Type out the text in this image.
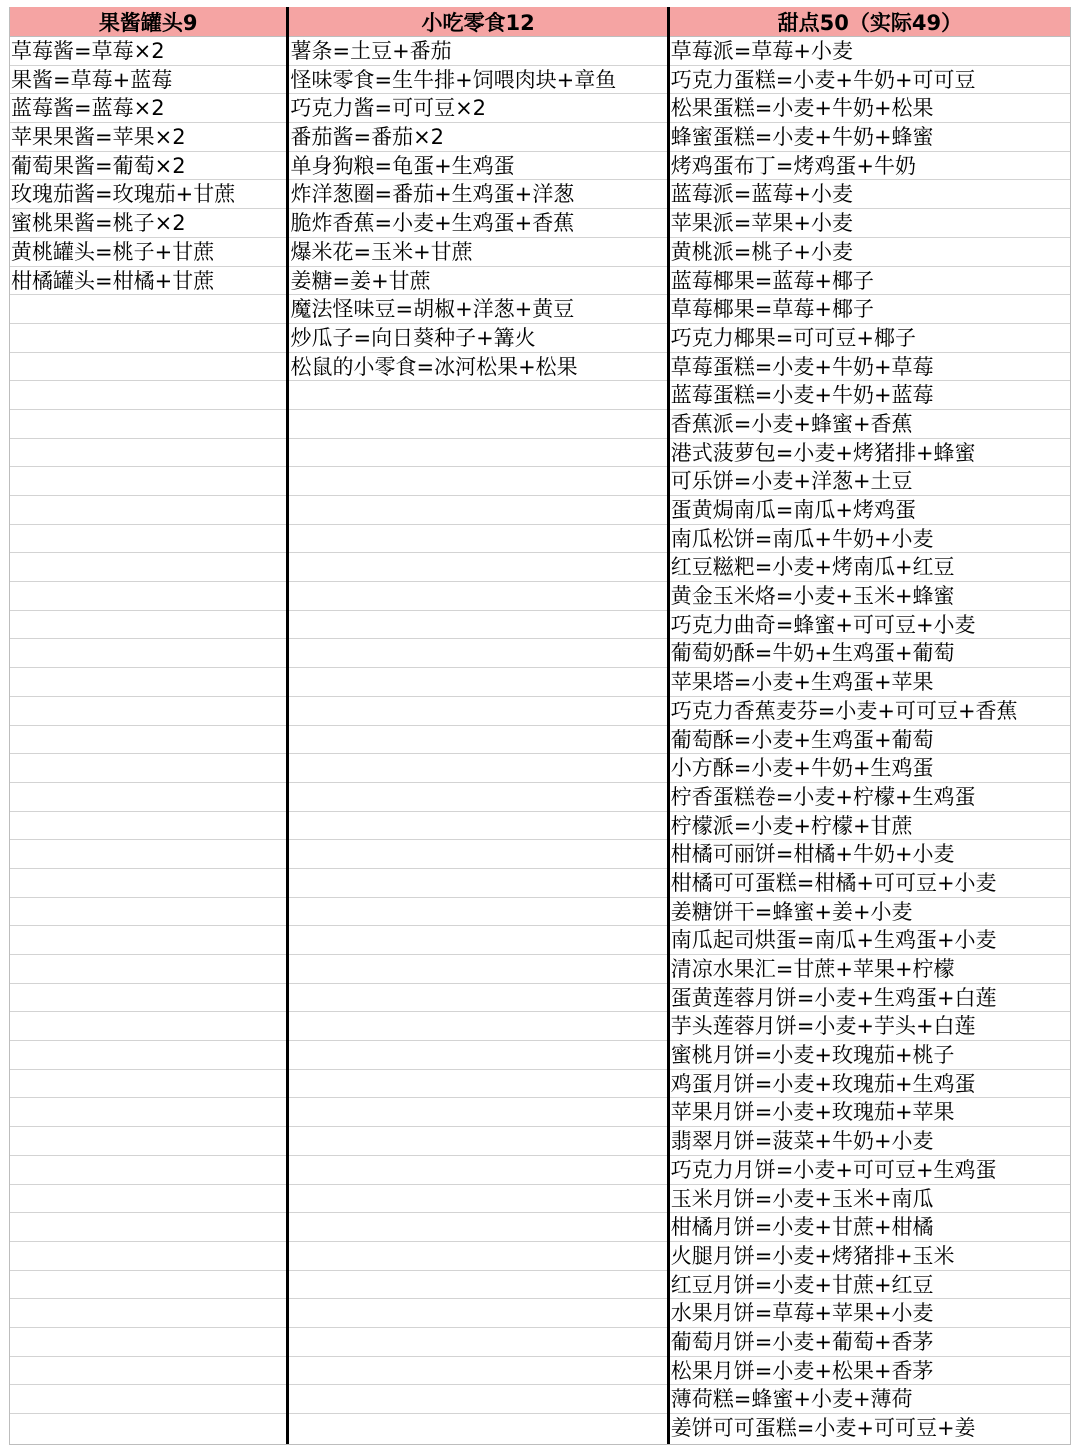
果酱罐头9
草莓酱=草莓×2
果酱=草莓+蓝莓
蓝莓酱=蓝莓×2
苹果果酱=苹果×2
葡萄果酱=葡萄×2
玫瑰茄酱=玫瑰茄+甘蔗
蜜桃果酱=桃子×2
黄桃罐头=桃子+甘蔗
柑橘罐头=柑橘+甘蔗
小吃零食12
薯条=土豆+番茄
怪味零食=生牛排+饲喂肉块+章鱼
巧克力酱=可可豆×2
番茄酱=番茄×2
单身狗粮=龟蛋+生鸡蛋
炸洋葱圈=番茄+生鸡蛋+洋葱
脆炸香蕉=小麦+生鸡蛋+香蕉
爆米花=玉米+甘蔗
姜糖=姜+甘蔗
魔法怪味豆=胡椒+洋葱+黄豆
炒瓜子=向日葵种子+篝火
松鼠的小零食=冰河松果+松果
甜点50（实际49）
草莓派=草莓+小麦
巧克力蛋糕=小麦+牛奶+可可豆
松果蛋糕=小麦+牛奶+松果
蜂蜜蛋糕=小麦+牛奶+蜂蜜
烤鸡蛋布丁=烤鸡蛋+牛奶
蓝莓派=蓝莓+小麦
苹果派=苹果+小麦
黄桃派=桃子+小麦
蓝莓椰果=蓝莓+椰子
草莓椰果=草莓+椰子
巧克力椰果=可可豆+椰子
草莓蛋糕=小麦+牛奶+草莓
蓝莓蛋糕=小麦+牛奶+蓝莓
香蕉派=小麦+蜂蜜+香蕉
港式菠萝包=小麦+烤猪排+蜂蜜
可乐饼=小麦+洋葱+土豆
蛋黄焗南瓜=南瓜+烤鸡蛋
南瓜松饼=南瓜+牛奶+小麦
红豆糍粑=小麦+烤南瓜+红豆
黄金玉米烙=小麦+玉米+蜂蜜
巧克力曲奇=蜂蜜+可可豆+小麦
葡萄奶酥=牛奶+生鸡蛋+葡萄
苹果塔=小麦+生鸡蛋+苹果
巧克力香蕉麦芬=小麦+可可豆+香蕉
葡萄酥=小麦+生鸡蛋+葡萄
小方酥=小麦+牛奶+生鸡蛋
柠香蛋糕卷=小麦+柠檬+生鸡蛋
柠檬派=小麦+柠檬+甘蔗
柑橘可丽饼=柑橘+牛奶+小麦
柑橘可可蛋糕=柑橘+可可豆+小麦
姜糖饼干=蜂蜜+姜+小麦
南瓜起司烘蛋=南瓜+生鸡蛋+小麦
清凉水果汇=甘蔗+苹果+柠檬
蛋黄莲蓉月饼=小麦+生鸡蛋+白莲
芋头莲蓉月饼=小麦+芋头+白莲
蜜桃月饼=小麦+玫瑰茄+桃子
鸡蛋月饼=小麦+玫瑰茄+生鸡蛋
苹果月饼=小麦+玫瑰茄+苹果
翡翠月饼=菠菜+牛奶+小麦
巧克力月饼=小麦+可可豆+生鸡蛋
玉米月饼=小麦+玉米+南瓜
柑橘月饼=小麦+甘蔗+柑橘
火腿月饼=小麦+烤猪排+玉米
红豆月饼=小麦+甘蔗+红豆
水果月饼=草莓+苹果+小麦
葡萄月饼=小麦+葡萄+香茅
松果月饼=小麦+松果+香茅
薄荷糕=蜂蜜+小麦+薄荷
姜饼可可蛋糕=小麦+可可豆+姜
